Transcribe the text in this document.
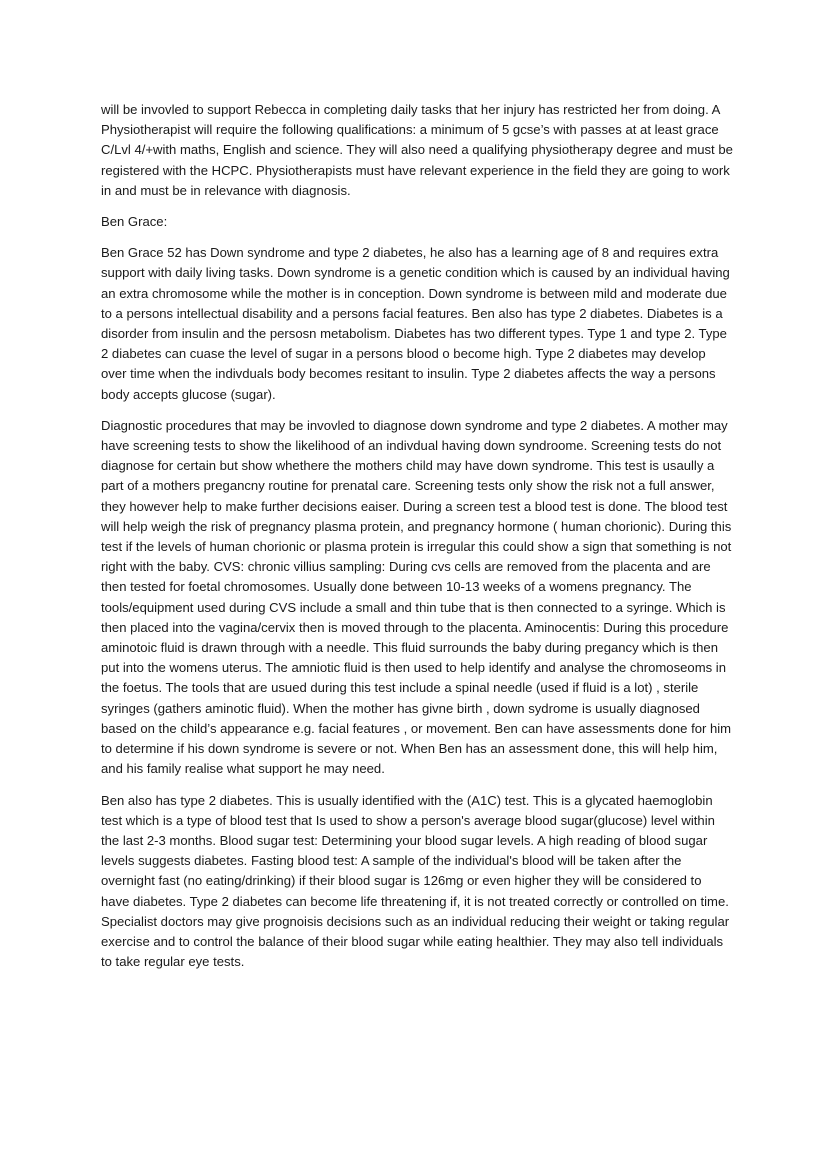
will be invovled to support Rebecca in completing daily tasks that her injury has restricted her from doing. A Physiotherapist will require the following qualifications: a minimum of 5 gcse’s with passes at at least grace C/Lvl 4/+with maths, English and science. They will also need a qualifying physiotherapy degree and must be registered with the HCPC. Physiotherapists must have relevant experience in the field they are going to work in and must be in relevance with diagnosis.

Ben Grace:

Ben Grace 52 has Down syndrome and type 2 diabetes, he also has a learning age of 8 and requires extra support with daily living tasks. Down syndrome is a genetic condition which is caused by an individual having an extra chromosome while the mother is in conception. Down syndrome is between mild and moderate due to a persons intellectual disability and a persons facial features. Ben also has type 2 diabetes. Diabetes is a disorder from insulin and the persosn metabolism. Diabetes has two different types. Type 1 and type 2. Type 2 diabetes can cuase the level of sugar in a persons blood o become high. Type 2 diabetes may develop over time when the indivduals body becomes resitant to insulin. Type 2 diabetes affects the way a persons body accepts glucose (sugar).

Diagnostic procedures that may be invovled to diagnose down syndrome and type 2 diabetes. A mother may have screening tests to show the likelihood of an indivdual having down syndroome. Screening tests do not diagnose for certain but show whethere the mothers child may have down syndrome. This test is usaully a part of a mothers pregancny routine for prenatal care. Screening tests only show the risk not a full answer, they however help to make further decisions eaiser. During a screen test a blood test is done. The blood test will help weigh the risk of pregnancy plasma protein, and pregnancy hormone ( human chorionic). During this test if the levels of human chorionic or plasma protein is irregular this could show a sign that something is not right with the baby. CVS: chronic villius sampling: During cvs cells are removed from the placenta and are then tested for foetal chromosomes. Usually done between 10-13 weeks of a womens pregnancy. The tools/equipment used during CVS include a small and thin tube that is then connected to a syringe. Which is then placed into the vagina/cervix then is moved through to the placenta. Aminocentis: During this procedure aminotoic fluid is drawn through with a needle. This fluid surrounds the baby during pregancy which is then put into the womens uterus. The amniotic fluid is then used to help identify and analyse the chromoseoms in the foetus. The tools that are usued during this test include a spinal needle (used if fluid is a lot) , sterile syringes (gathers aminotic fluid). When the mother has givne birth , down sydrome is usually diagnosed based on the child’s appearance e.g. facial features , or movement. Ben can have assessments done for him to determine if his down syndrome is severe or not. When Ben has an assessment done, this will help him, and his family realise what support he may need.

Ben also has type 2 diabetes. This is usually identified with the (A1C) test. This is a glycated haemoglobin test which is a type of blood test that Is used to show a person's average blood sugar(glucose) level within the last 2-3 months. Blood sugar test: Determining your blood sugar levels. A high reading of blood sugar levels suggests diabetes. Fasting blood test: A sample of the individual's blood will be taken after the overnight fast (no eating/drinking) if their blood sugar is 126mg or even higher they will be considered to have diabetes. Type 2 diabetes can become life threatening if, it is not treated correctly or controlled on time. Specialist doctors may give prognoisis decisions such as an individual reducing their weight or taking regular exercise and to control the balance of their blood sugar while eating healthier. They may also tell individuals to take regular eye tests.
